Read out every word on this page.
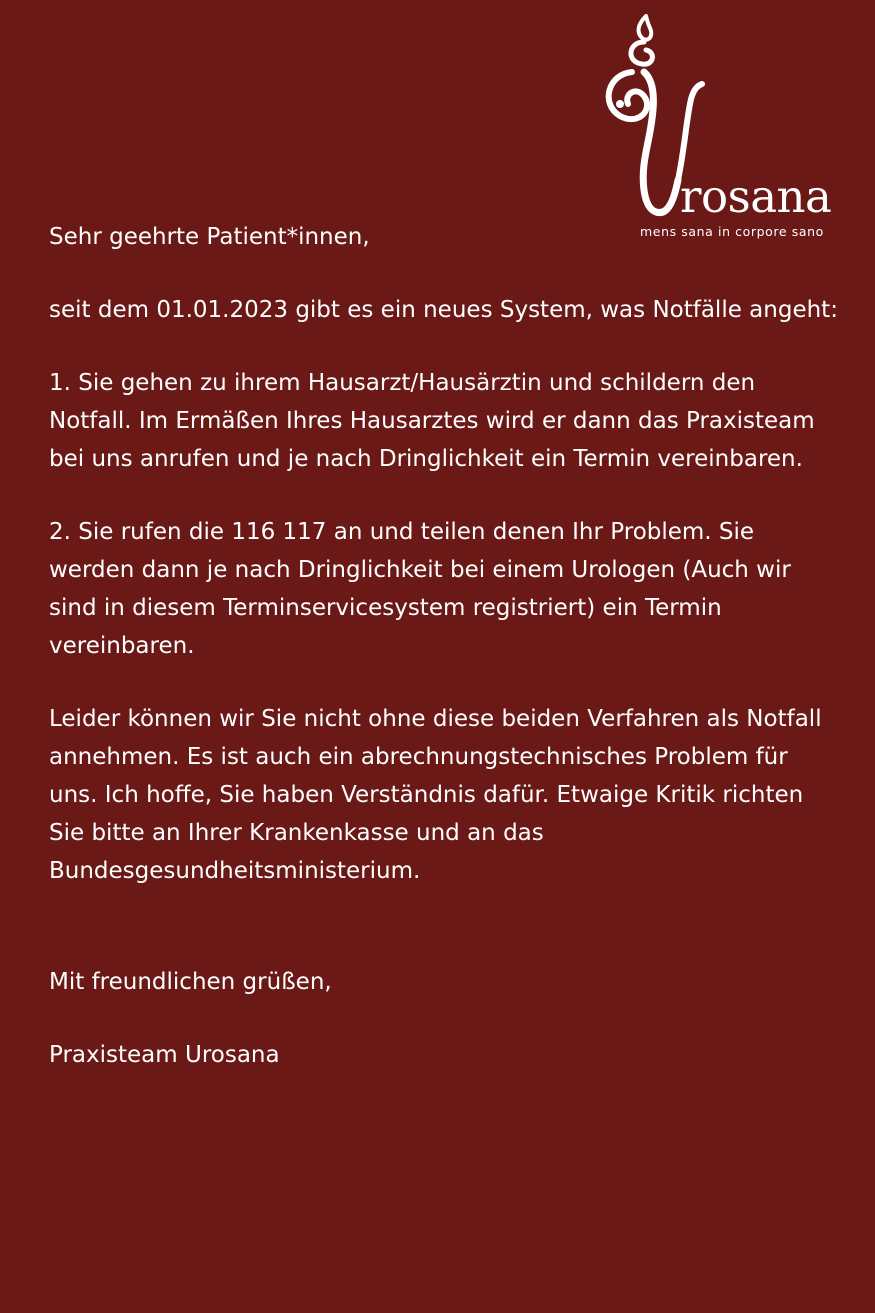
rosana
mens sana in corpore sano

Sehr geehrte Patient*innen,

seit dem 01.01.2023 gibt es ein neues System, was Notfälle angeht:

1. Sie gehen zu ihrem Hausarzt/Hausärztin und schildern den Notfall. Im Ermäßen Ihres Hausarztes wird er dann das Praxisteam bei uns anrufen und je nach Dringlichkeit ein Termin vereinbaren.

2. Sie rufen die 116 117 an und teilen denen Ihr Problem. Sie werden dann je nach Dringlichkeit bei einem Urologen (Auch wir sind in diesem Terminservicesystem registriert) ein Termin vereinbaren.

Leider können wir Sie nicht ohne diese beiden Verfahren als Notfall annehmen. Es ist auch ein abrechnungstechnisches Problem für uns. Ich hoffe, Sie haben Verständnis dafür. Etwaige Kritik richten Sie bitte an Ihrer Krankenkasse und an das Bundesgesundheitsministerium.

Mit freundlichen grüßen,

Praxisteam Urosana
